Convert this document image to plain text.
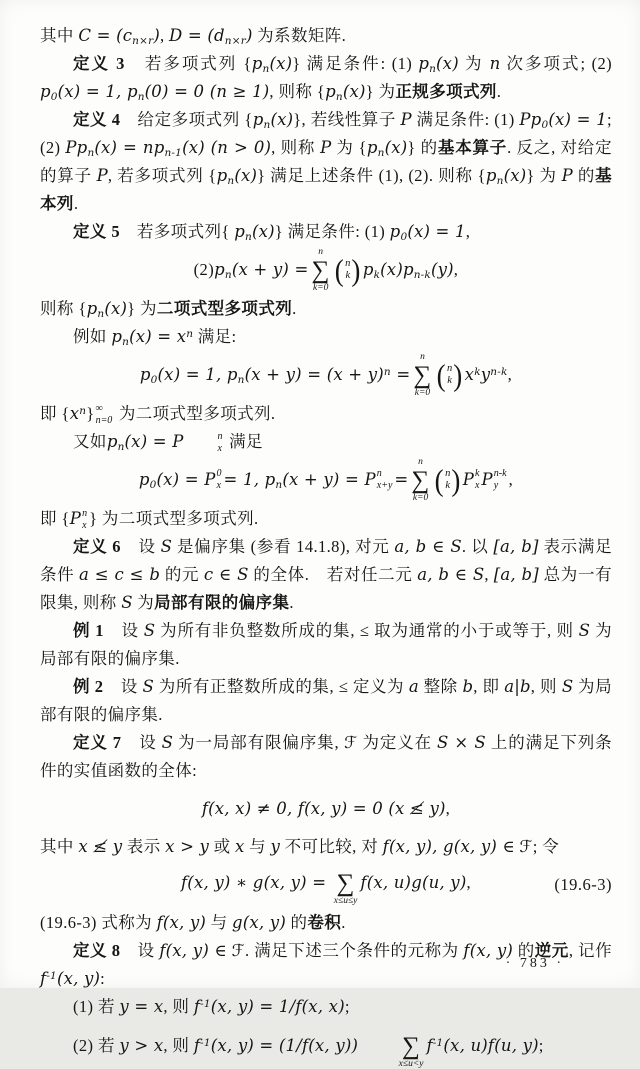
其中 $C = (c_{n\times r})$, $D = (d_{n\times r})$ 为系数矩阵.

定义 3　若多项式列 $\{p_n(x)\}$ 满足条件: (1) $p_n(x)$ 为 n 次多项式; (2) $p_0(x) = 1$, $p_n(0) = 0$ (n ≥ 1), 则称 $\{p_n(x)\}$ 为正规多项式列.

定义 4　给定多项式列 $\{p_n(x)\}$, 若线性算子 P 满足条件: (1) $Pp_0(x) = 1$; (2) $Pp_n(x) = np_{n-1}(x) (n > 0)$, 则称 P 为 $\{p_n(x)\}$ 的基本算子. 反之, 对给定的算子 P, 若多项式列 $\{p_n(x)\}$ 满足上述条件 (1), (2). 则称 $\{p_n(x)\}$ 为 P 的基本列.

定义 5　若多项式列{ $p_n(x)$} 满足条件: (1) $p_0(x) = 1$,

(2) $p_n(x + y)$ =
n
∑
k=0
( n
k ) $p_k(x)p_{n-k}(y)$ ,

则称 $\{p_n(x)\}$ 为二项式型多项式列.

例如 $p_n(x) = x^n$ 满足:

$p_0(x) = 1$, $p_n(x + y) = (x + y)^n$ =
n
∑
k=0
( n
k ) $x^ky^{n-k}$ ,

即 $\{x^n\}$ ∞
n=0 为二项式型多项式列.

又如$p_n(x) = P$	n
x 满足

$p_0(x) = P$ 0
x = 1, $p_n(x + y) = P$ n
x+y =
n
∑
k=0
( n
k ) P k
x P n-k
y ,

即 {P n
x } 为二项式型多项式列.

定义 6　设 S 是偏序集 (参看 14.1.8), 对元 a, b ∈ S. 以 [a, b] 表示满足条件 a ≤ c ≤ b 的元 c ∈ S 的全体.　若对任二元 a, b ∈ S, [a, b] 总为一有限集, 则称 S 为局部有限的偏序集.

例 1　设 S 为所有非负整数所成的集, ≤ 取为通常的小于或等于, 则 S 为局部有限的偏序集.

例 2　设 S 为所有正整数所成的集, ≤ 定义为 a 整除 b, 即 a|b, 则 S 为局部有限的偏序集.

定义 7　设 S 为一局部有限偏序集, ℱ 为定义在 S × S 上的满足下列条件的实值函数的全体:

f(x, x) ≠ 0, f(x, y) = 0 (x ≰ y) ,

其中 x ≰ y 表示 x > y 或 x 与 y 不可比较, 对 f(x, y), g(x, y) ∈ ℱ; 令

f(x, y) ∗ g(x, y) = ∑
x≤u≤y
f(x, u)g(u, y),	(19.6-3)

(19.6-3) 式称为 f(x, y) 与 g(x, y) 的卷积.

定义 8　设 f(x, y) ∈ ℱ. 满足下述三个条件的元称为 f(x, y) 的逆元, 记作 $f^{-1}(x$, y):

(1) 若 y = x, 则 $f^{-1}(x$, y) = 1/f(x, x);

(2) 若 y > x, 则 $f^{-1}(x$, y) = (1/f(x, y))	∑
x≤u<y
$f^{-1}(x$, u)f(u, y);

· 783 ·
